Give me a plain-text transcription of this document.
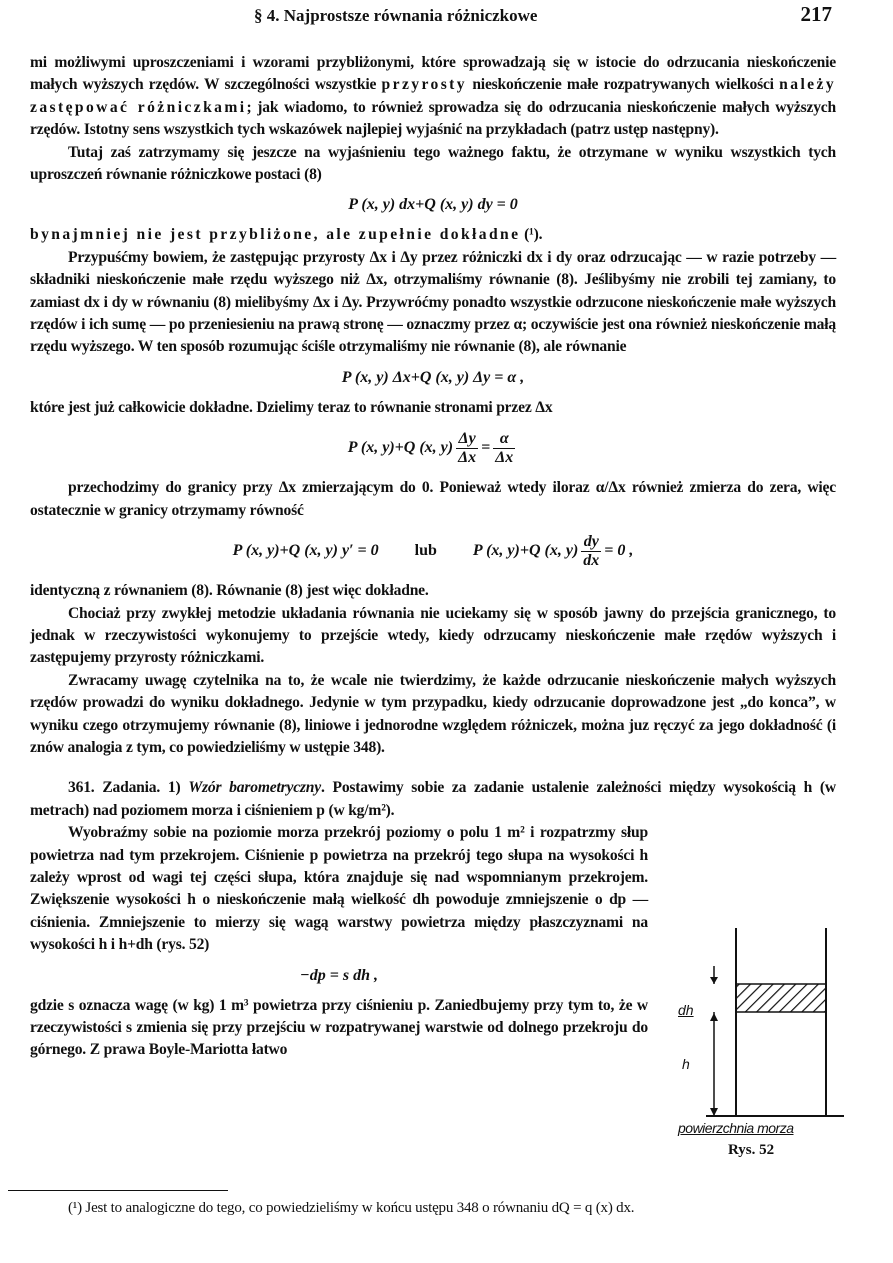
§ 4. Najprostsze równania różniczkowe	217

mi możliwymi uproszczeniami i wzorami przybliżonymi, które sprowadzają się w istocie do odrzucania nieskończenie małych wyższych rzędów. W szczególności wszystkie przyrosty nieskończenie małe rozpatrywanych wielkości należy zastępować różniczkami; jak wiadomo, to również sprowadza się do odrzucania nieskończenie małych wyższych rzędów. Istotny sens wszystkich tych wskazówek najlepiej wyjaśnić na przykładach (patrz ustęp następny).

Tutaj zaś zatrzymamy się jeszcze na wyjaśnieniu tego ważnego faktu, że otrzymane w wyniku wszystkich tych uproszczeń równanie różniczkowe postaci (8)

P (x, y) dx+Q (x, y) dy = 0

bynajmniej nie jest przybliżone, ale zupełnie dokładne (¹).

Przypuśćmy bowiem, że zastępując przyrosty Δx i Δy przez różniczki dx i dy oraz odrzucając — w razie potrzeby — składniki nieskończenie małe rzędu wyższego niż Δx, otrzymaliśmy równanie (8). Jeślibyśmy nie zrobili tej zamiany, to zamiast dx i dy w równaniu (8) mielibyśmy Δx i Δy. Przywróćmy ponadto wszystkie odrzucone nieskończenie małe wyższych rzędów i ich sumę — po przeniesieniu na prawą stronę — oznaczmy przez α; oczywiście jest ona również nieskończenie małą rzędu wyższego. W ten sposób rozumując ściśle otrzymaliśmy nie równanie (8), ale równanie

P (x, y) Δx+Q (x, y) Δy = α ,

które jest już całkowicie dokładne. Dzielimy teraz to równanie stronami przez Δx

P (x, y)+Q (x, $y) \frac{\Delta y}{\Delta x} = \frac{\alpha}{\Delta x}$

przechodzimy do granicy przy Δx zmierzającym do 0. Ponieważ wtedy iloraz α/Δx również zmierza do zera, więc ostatecznie w granicy otrzymamy równość

P (x, y)+Q (x, y) y′ = 0 lub P (x, y)+Q (x, $y) \frac{dy}{dx} = 0$ ,

identyczną z równaniem (8). Równanie (8) jest więc dokładne.

Chociaż przy zwykłej metodzie układania równania nie uciekamy się w sposób jawny do przejścia granicznego, to jednak w rzeczywistości wykonujemy to przejście wtedy, kiedy odrzucamy nieskończenie małe rzędów wyższych i zastępujemy przyrosty różniczkami.

Zwracamy uwagę czytelnika na to, że wcale nie twierdzimy, że każde odrzucanie nieskończenie małych wyższych rzędów prowadzi do wyniku dokładnego. Jedynie w tym przypadku, kiedy odrzucanie doprowadzone jest „do konca”, w wyniku czego otrzymujemy równanie (8), liniowe i jednorodne względem różniczek, można juz ręczyć za jego dokładność (i znów analogia z tym, co powiedzieliśmy w ustępie 348).

361. Zadania. 1) Wzór barometryczny. Postawimy sobie za zadanie ustalenie zależności między wysokością h (w metrach) nad poziomem morza i ciśnieniem p (w kg/m²).

Wyobraźmy sobie na poziomie morza przekrój poziomy o polu 1 m² i rozpatrzmy słup powietrza nad tym przekrojem. Ciśnienie p powietrza na przekrój tego słupa na wysokości h zależy wprost od wagi tej części słupa, która znajduje się nad wspomnianym przekrojem. Zwiększenie wysokości h o nieskończenie małą wielkość dh powoduje zmniejszenie o dp — ciśnienia. Zmniejszenie to mierzy się wagą warstwy powietrza między płaszczyznami na wysokości h i h+dh (rys. 52)

−dp = s dh ,

gdzie s oznacza wagę (w kg) 1 m³ powietrza przy ciśnieniu p. Zaniedbujemy przy tym to, że w rzeczywistości s zmienia się przy przejściu w rozpatrywanej warstwie od dolnego przekroju do górnego. Z prawa Boyle-Mariotta łatwo

dh
h
powierzchnia morza
Rys. 52

(¹) Jest to analogiczne do tego, co powiedzieliśmy w końcu ustępu 348 o równaniu dQ = q (x) dx.
